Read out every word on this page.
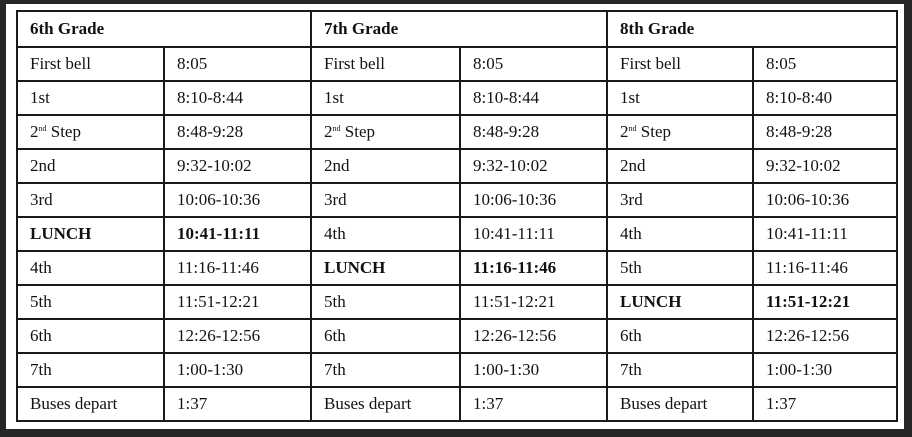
6th Grade		7th Grade		8th Grade	
First bell	8:05	First bell	8:05	First bell	8:05
1st	8:10-8:44	1st	8:10-8:44	1st	8:10-8:40
2nd Step	8:48-9:28	2nd Step	8:48-9:28	2nd Step	8:48-9:28
2nd	9:32-10:02	2nd	9:32-10:02	2nd	9:32-10:02
3rd	10:06-10:36	3rd	10:06-10:36	3rd	10:06-10:36
LUNCH	10:41-11:11	4th	10:41-11:11	4th	10:41-11:11
4th	11:16-11:46	LUNCH	11:16-11:46	5th	11:16-11:46
5th	11:51-12:21	5th	11:51-12:21	LUNCH	11:51-12:21
6th	12:26-12:56	6th	12:26-12:56	6th	12:26-12:56
7th	1:00-1:30	7th	1:00-1:30	7th	1:00-1:30
Buses depart	1:37	Buses depart	1:37	Buses depart	1:37
